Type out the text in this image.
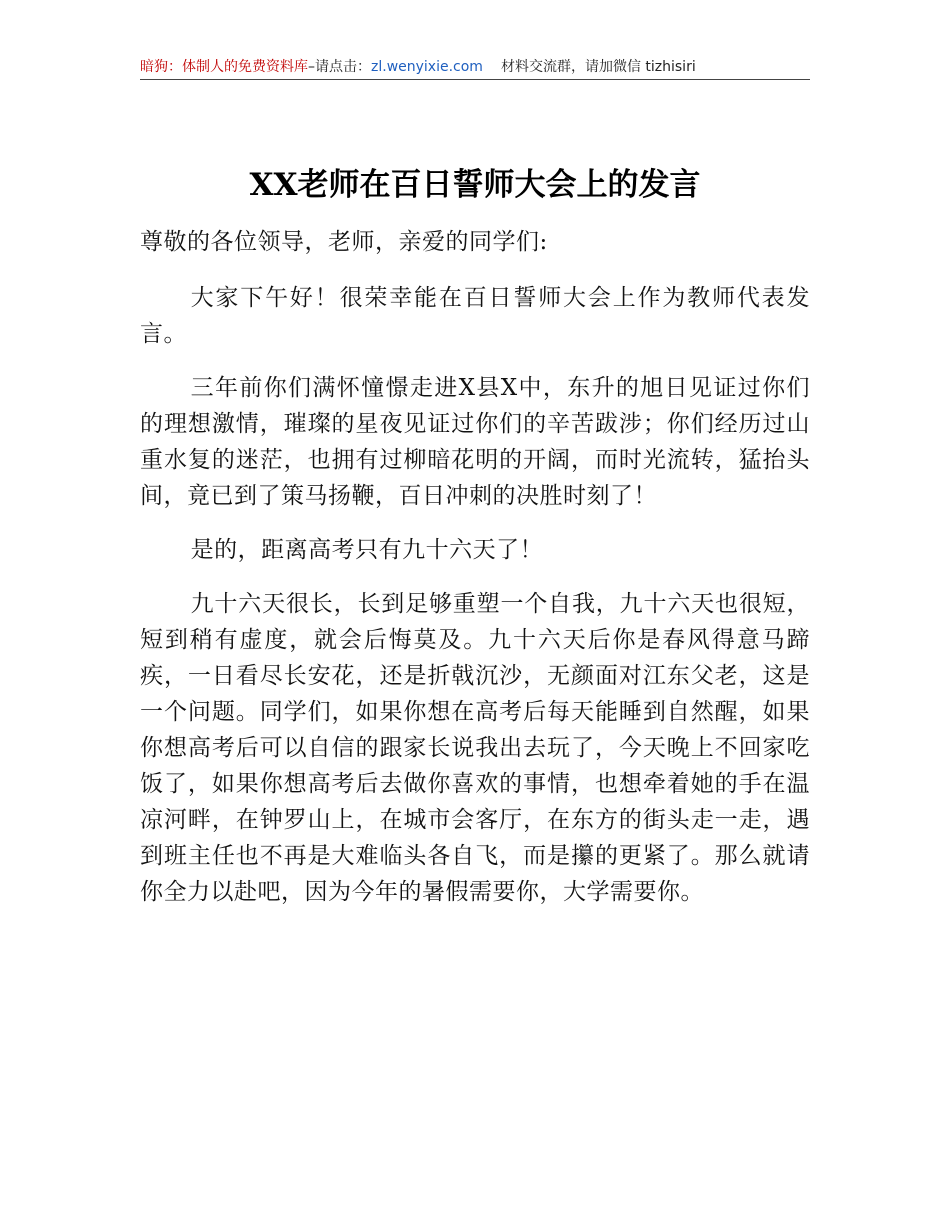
暗狗：体制人的免费资料库–请点击：zl.wenyixie.com 材料交流群，请加微信 tizhisiri
XX老师在百日誓师大会上的发言

尊敬的各位领导，老师，亲爱的同学们:

大家下午好！很荣幸能在百日誓师大会上作为教师代表发言。

三年前你们满怀憧憬走进X县X中，东升的旭日见证过你们的理想激情，璀璨的星夜见证过你们的辛苦跋涉；你们经历过山重水复的迷茫，也拥有过柳暗花明的开阔，而时光流转，猛抬头间，竟已到了策马扬鞭，百日冲刺的决胜时刻了！

是的，距离高考只有九十六天了！

九十六天很长，长到足够重塑一个自我，九十六天也很短，短到稍有虚度，就会后悔莫及。九十六天后你是春风得意马蹄疾，一日看尽长安花，还是折戟沉沙，无颜面对江东父老，这是一个问题。同学们，如果你想在高考后每天能睡到自然醒，如果你想高考后可以自信的跟家长说我出去玩了，今天晚上不回家吃饭了，如果你想高考后去做你喜欢的事情，也想牵着她的手在温凉河畔，在钟罗山上，在城市会客厅，在东方的街头走一走，遇到班主任也不再是大难临头各自飞，而是攥的更紧了。那么就请你全力以赴吧，因为今年的暑假需要你，大学需要你。
